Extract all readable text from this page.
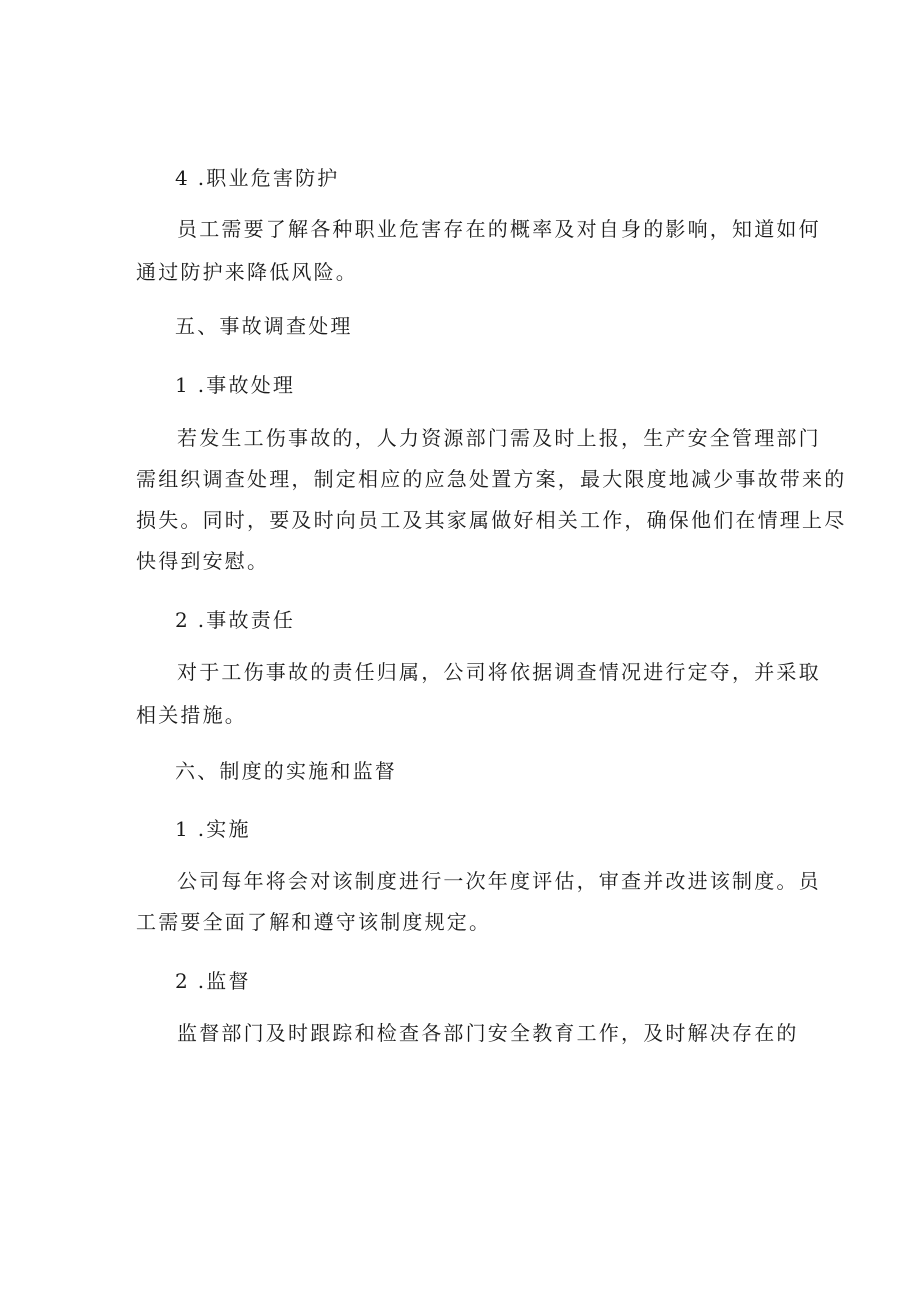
4 .职业危害防护
员工需要了解各种职业危害存在的概率及对自身的影响，知道如何
通过防护来降低风险。
五、事故调查处理
1 .事故处理
若发生工伤事故的，人力资源部门需及时上报，生产安全管理部门
需组织调查处理，制定相应的应急处置方案，最大限度地减少事故带来的
损失。同时，要及时向员工及其家属做好相关工作，确保他们在情理上尽
快得到安慰。
2 .事故责任
对于工伤事故的责任归属，公司将依据调查情况进行定夺，并采取
相关措施。
六、制度的实施和监督
1 .实施
公司每年将会对该制度进行一次年度评估，审查并改进该制度。员
工需要全面了解和遵守该制度规定。
2 .监督
监督部门及时跟踪和检查各部门安全教育工作，及时解决存在的
